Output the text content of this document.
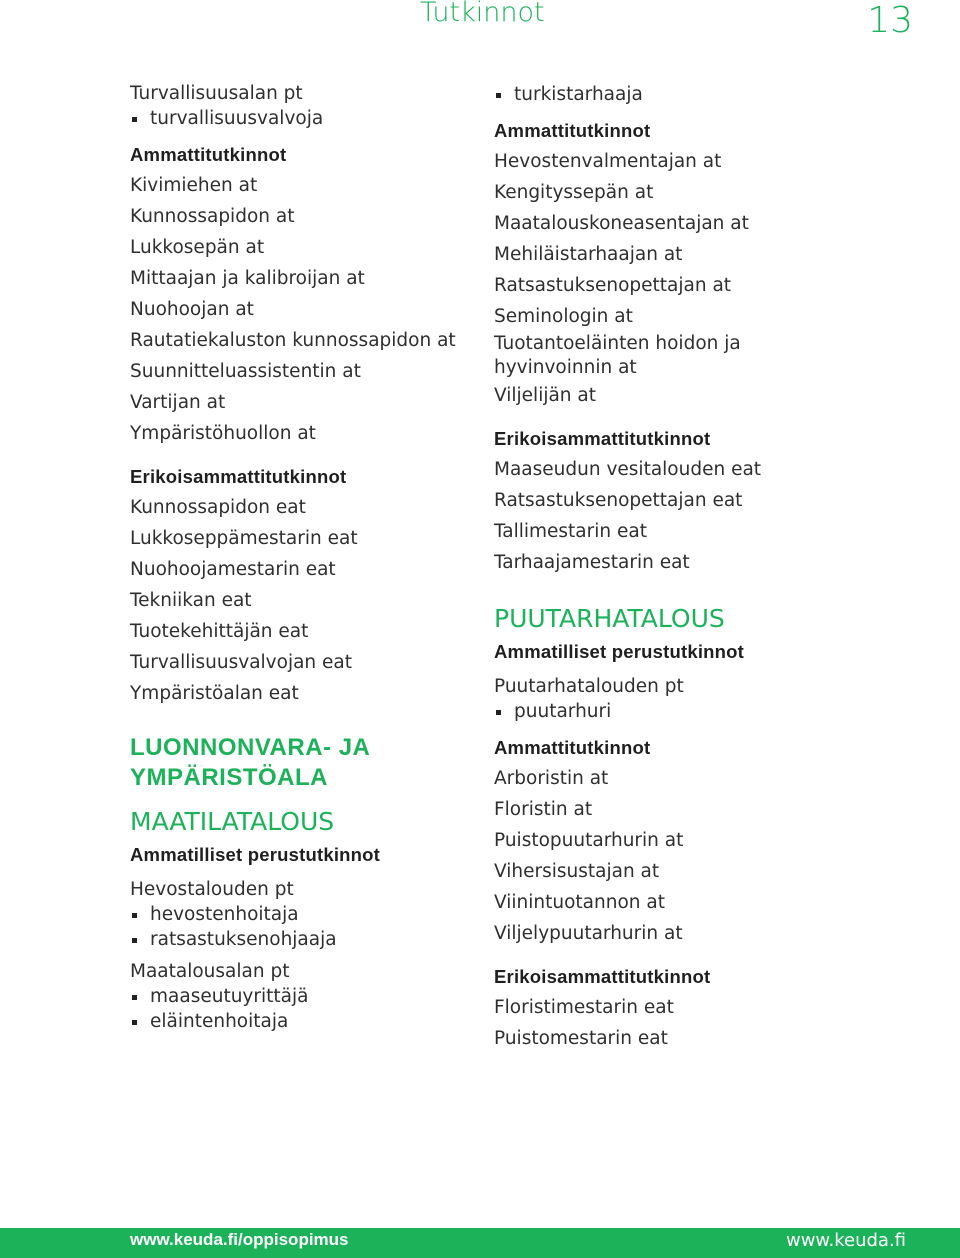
Tutkinnot	13
Turvallisuusalan pt
turvallisuusvalvoja
Ammattitutkinnot
Kivimiehen at
Kunnossapidon at
Lukkosepän at
Mittaajan ja kalibroijan at
Nuohoojan at
Rautatiekaluston kunnossapidon at
Suunnitteluassistentin at
Vartijan at
Ympäristöhuollon at
Erikoisammattitutkinnot
Kunnossapidon eat
Lukkoseppämestarin eat
Nuohoojamestarin eat
Tekniikan eat
Tuotekehittäjän eat
Turvallisuusvalvojan eat
Ympäristöalan eat
LUONNONVARA- JA
YMPÄRISTÖALA
MAATILATALOUS
Ammatilliset perustutkinnot
Hevostalouden pt
hevostenhoitaja
ratsastuksenohjaaja
Maatalousalan pt
maaseutuyrittäjä
eläintenhoitaja
turkistarhaaja
Ammattitutkinnot
Hevostenvalmentajan at
Kengityssepän at
Maatalouskoneasentajan at
Mehiläistarhaajan at
Ratsastuksenopettajan at
Seminologin at
Tuotantoeläinten hoidon ja
hyvinvoinnin at
Viljelijän at
Erikoisammattitutkinnot
Maaseudun vesitalouden eat
Ratsastuksenopettajan eat
Tallimestarin eat
Tarhaajamestarin eat
PUUTARHATALOUS
Ammatilliset perustutkinnot
Puutarhatalouden pt
puutarhuri
Ammattitutkinnot
Arboristin at
Floristin at
Puistopuutarhurin at
Vihersisustajan at
Viinintuotannon at
Viljelypuutarhurin at
Erikoisammattitutkinnot
Floristimestarin eat
Puistomestarin eat
www.keuda.fi/oppisopimus	www.keuda.fi
